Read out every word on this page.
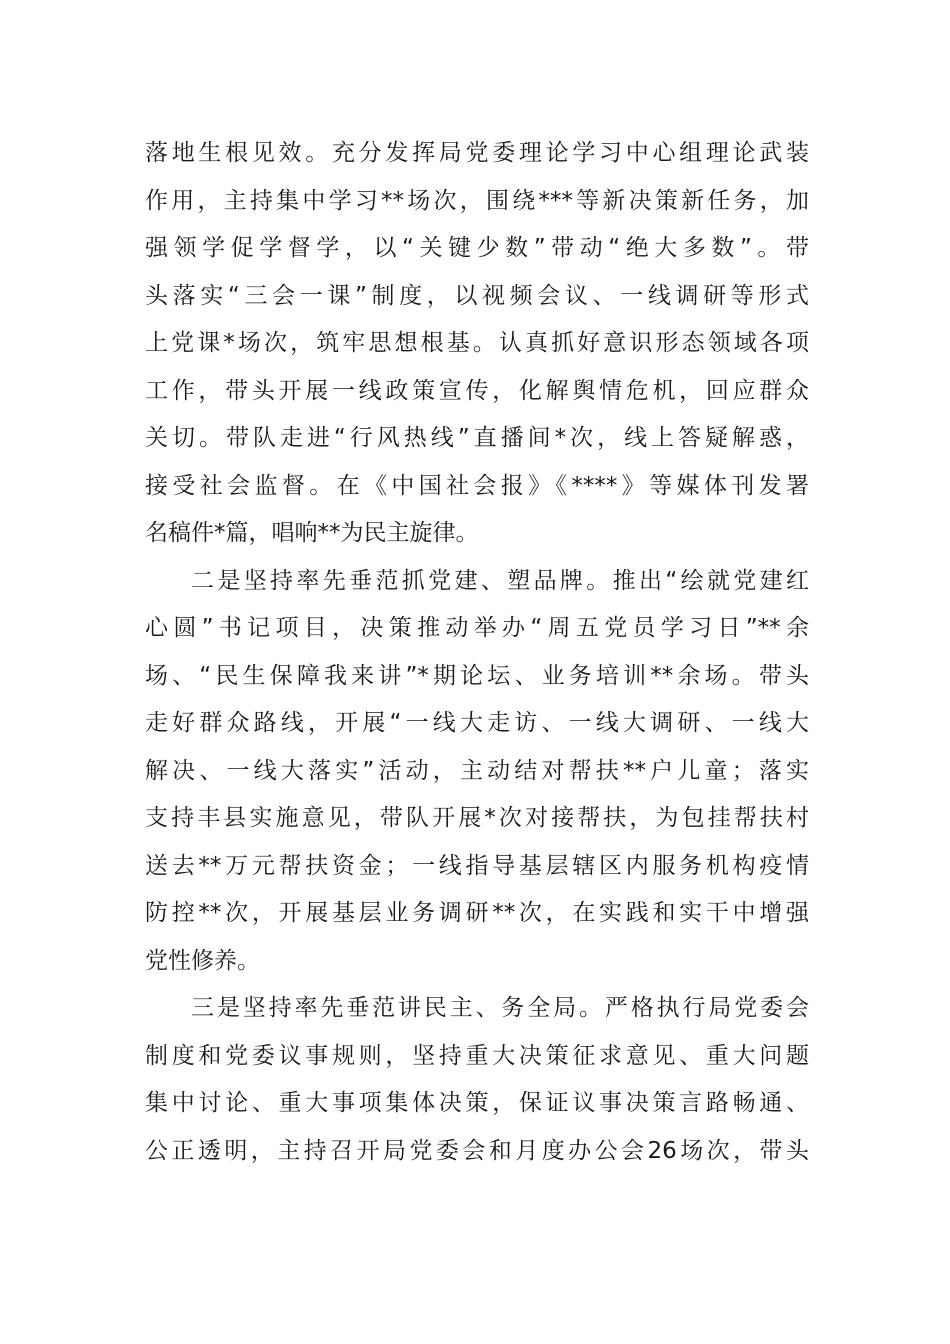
落地生根见效。充分发挥局党委理论学习中心组理论武装
作用，主持集中学习**场次，围绕***等新决策新任务，加
强领学促学督学，以“关键少数”带动“绝大多数”。带
头落实“三会一课”制度，以视频会议、一线调研等形式
上党课*场次，筑牢思想根基。认真抓好意识形态领域各项
工作，带头开展一线政策宣传，化解舆情危机，回应群众
关切。带队走进“行风热线”直播间*次，线上答疑解惑，
接受社会监督。在《中国社会报》《****》等媒体刊发署
名稿件*篇，唱响**为民主旋律。
二是坚持率先垂范抓党建、塑品牌。推出“绘就党建红
心圆”书记项目，决策推动举办“周五党员学习日”**余
场、“民生保障我来讲”*期论坛、业务培训**余场。带头
走好群众路线，开展“一线大走访、一线大调研、一线大
解决、一线大落实”活动，主动结对帮扶**户儿童；落实
支持丰县实施意见，带队开展*次对接帮扶，为包挂帮扶村
送去**万元帮扶资金；一线指导基层辖区内服务机构疫情
防控**次，开展基层业务调研**次，在实践和实干中增强
党性修养。
三是坚持率先垂范讲民主、务全局。严格执行局党委会
制度和党委议事规则，坚持重大决策征求意见、重大问题
集中讨论、重大事项集体决策，保证议事决策言路畅通、
公正透明，主持召开局党委会和月度办公会26场次，带头
